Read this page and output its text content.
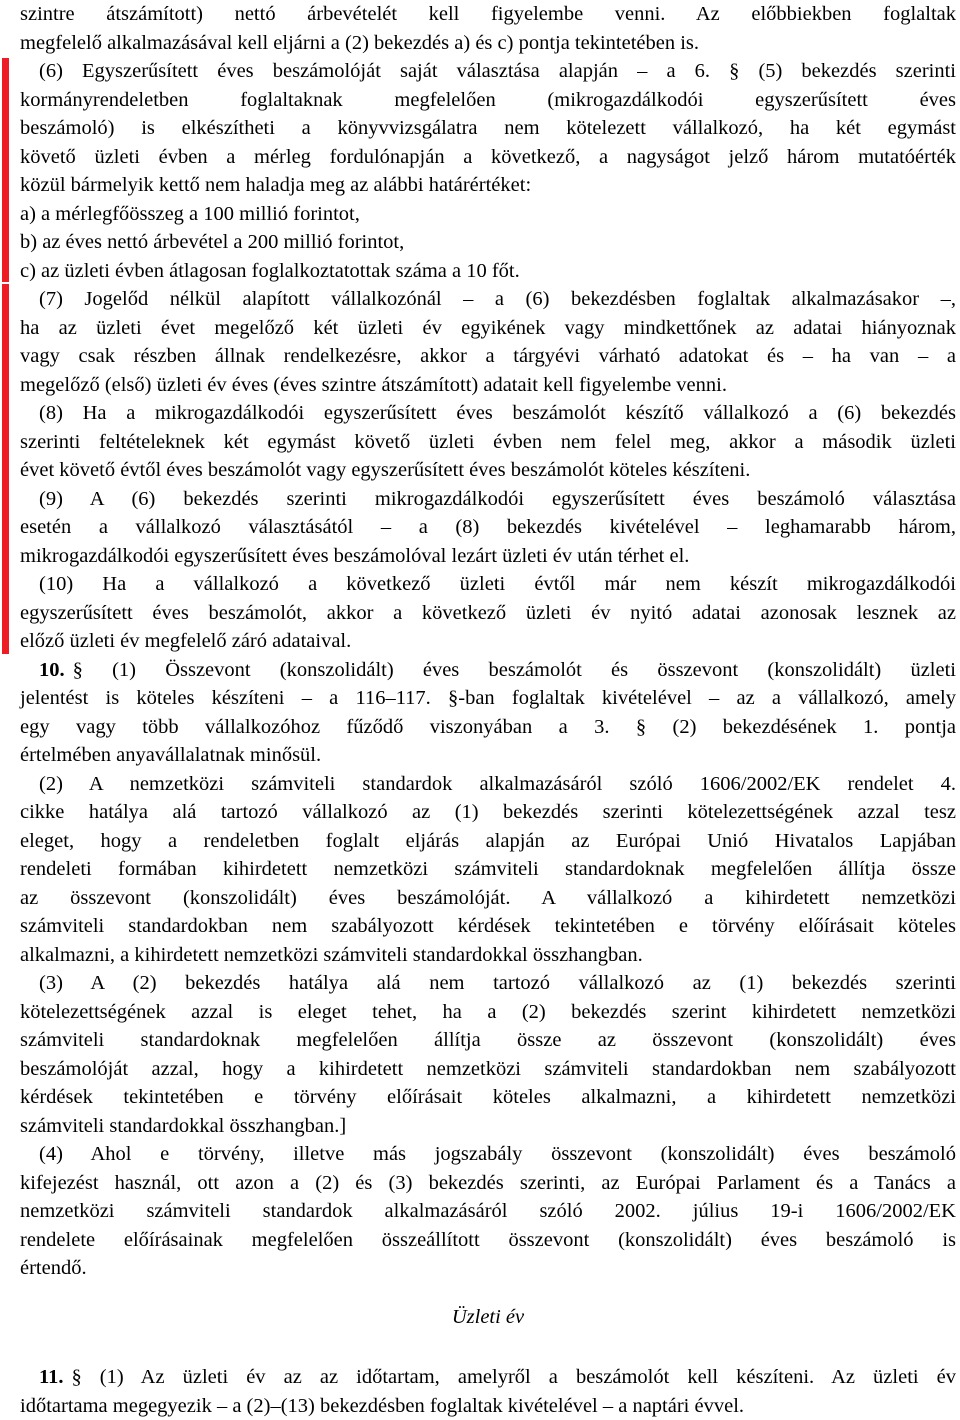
szintre átszámított) nettó árbevételét kell figyelembe venni. Az előbbiekben foglaltak
megfelelő alkalmazásával kell eljárni a (2) bekezdés a) és c) pontja tekintetében is.
(6) Egyszerűsített éves beszámolóját saját választása alapján – a 6. § (5) bekezdés szerinti
kormányrendeletben foglaltaknak megfelelően (mikrogazdálkodói egyszerűsített éves
beszámoló) is elkészítheti a könyvvizsgálatra nem kötelezett vállalkozó, ha két egymást
követő üzleti évben a mérleg fordulónapján a következő, a nagyságot jelző három mutatóérték
közül bármelyik kettő nem haladja meg az alábbi határértéket:
a) a mérlegfőösszeg a 100 millió forintot,
b) az éves nettó árbevétel a 200 millió forintot,
c) az üzleti évben átlagosan foglalkoztatottak száma a 10 főt.
(7) Jogelőd nélkül alapított vállalkozónál – a (6) bekezdésben foglaltak alkalmazásakor –,
ha az üzleti évet megelőző két üzleti év egyikének vagy mindkettőnek az adatai hiányoznak
vagy csak részben állnak rendelkezésre, akkor a tárgyévi várható adatokat és – ha van – a
megelőző (első) üzleti év éves (éves szintre átszámított) adatait kell figyelembe venni.
(8) Ha a mikrogazdálkodói egyszerűsített éves beszámolót készítő vállalkozó a (6) bekezdés
szerinti feltételeknek két egymást követő üzleti évben nem felel meg, akkor a második üzleti
évet követő évtől éves beszámolót vagy egyszerűsített éves beszámolót köteles készíteni.
(9) A (6) bekezdés szerinti mikrogazdálkodói egyszerűsített éves beszámoló választása
esetén a vállalkozó választásától – a (8) bekezdés kivételével – leghamarabb három,
mikrogazdálkodói egyszerűsített éves beszámolóval lezárt üzleti év után térhet el.
(10) Ha a vállalkozó a következő üzleti évtől már nem készít mikrogazdálkodói
egyszerűsített éves beszámolót, akkor a következő üzleti év nyitó adatai azonosak lesznek az
előző üzleti év megfelelő záró adataival.
10. § (1) Összevont (konszolidált) éves beszámolót és összevont (konszolidált) üzleti
jelentést is köteles készíteni – a 116–117. §-ban foglaltak kivételével – az a vállalkozó, amely
egy vagy több vállalkozóhoz fűződő viszonyában a 3. § (2) bekezdésének 1. pontja
értelmében anyavállalatnak minősül.
(2) A nemzetközi számviteli standardok alkalmazásáról szóló 1606/2002/EK rendelet 4.
cikke hatálya alá tartozó vállalkozó az (1) bekezdés szerinti kötelezettségének azzal tesz
eleget, hogy a rendeletben foglalt eljárás alapján az Európai Unió Hivatalos Lapjában
rendeleti formában kihirdetett nemzetközi számviteli standardoknak megfelelően állítja össze
az összevont (konszolidált) éves beszámolóját. A vállalkozó a kihirdetett nemzetközi
számviteli standardokban nem szabályozott kérdések tekintetében e törvény előírásait köteles
alkalmazni, a kihirdetett nemzetközi számviteli standardokkal összhangban.
(3) A (2) bekezdés hatálya alá nem tartozó vállalkozó az (1) bekezdés szerinti
kötelezettségének azzal is eleget tehet, ha a (2) bekezdés szerint kihirdetett nemzetközi
számviteli standardoknak megfelelően állítja össze az összevont (konszolidált) éves
beszámolóját azzal, hogy a kihirdetett nemzetközi számviteli standardokban nem szabályozott
kérdések tekintetében e törvény előírásait köteles alkalmazni, a kihirdetett nemzetközi
számviteli standardokkal összhangban.]
(4) Ahol e törvény, illetve más jogszabály összevont (konszolidált) éves beszámoló
kifejezést használ, ott azon a (2) és (3) bekezdés szerinti, az Európai Parlament és a Tanács a
nemzetközi számviteli standardok alkalmazásáról szóló 2002. július 19-i 1606/2002/EK
rendelete előírásainak megfelelően összeállított összevont (konszolidált) éves beszámoló is
értendő.
Üzleti év
11. § (1) Az üzleti év az az időtartam, amelyről a beszámolót kell készíteni. Az üzleti év
időtartama megegyezik – a (2)–(13) bekezdésben foglaltak kivételével – a naptári évvel.
